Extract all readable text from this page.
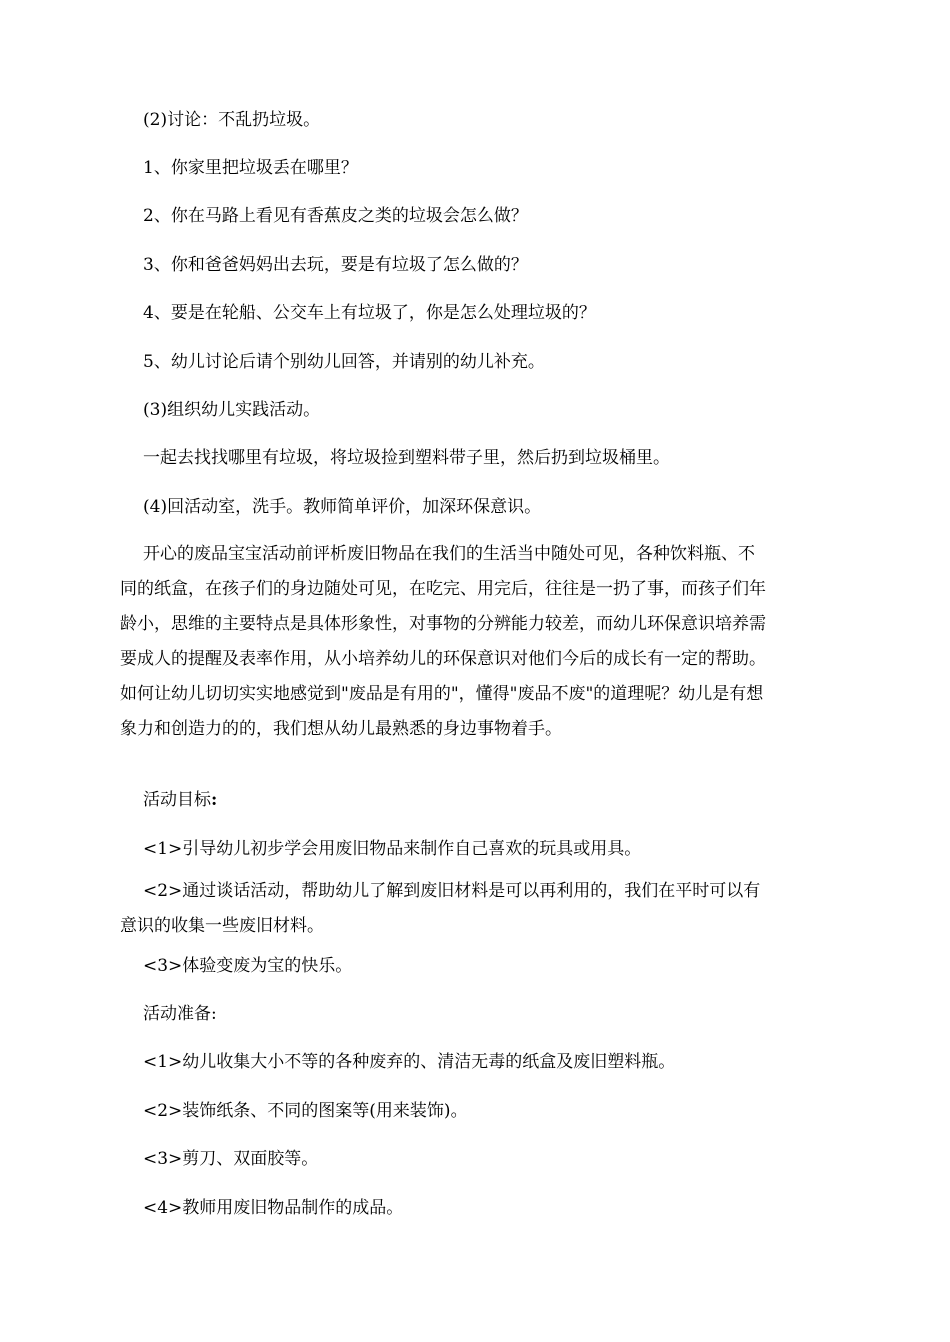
(2)讨论：不乱扔垃圾。

1、你家里把垃圾丢在哪里？

2、你在马路上看见有香蕉皮之类的垃圾会怎么做？

3、你和爸爸妈妈出去玩，要是有垃圾了怎么做的？

4、要是在轮船、公交车上有垃圾了，你是怎么处理垃圾的？

5、幼儿讨论后请个别幼儿回答，并请别的幼儿补充。

(3)组织幼儿实践活动。

一起去找找哪里有垃圾，将垃圾捡到塑料带子里，然后扔到垃圾桶里。

(4)回活动室，洗手。教师简单评价，加深环保意识。

开心的废品宝宝活动前评析废旧物品在我们的生活当中随处可见，各种饮料瓶、不
同的纸盒，在孩子们的身边随处可见，在吃完、用完后，往往是一扔了事，而孩子们年
龄小，思维的主要特点是具体形象性，对事物的分辨能力较差，而幼儿环保意识培养需
要成人的提醒及表率作用，从小培养幼儿的环保意识对他们今后的成长有一定的帮助。
如何让幼儿切切实实地感觉到"废品是有用的"，懂得"废品不废"的道理呢？幼儿是有想
象力和创造力的的，我们想从幼儿最熟悉的身边事物着手。

活动目标:

<1>引导幼儿初步学会用废旧物品来制作自己喜欢的玩具或用具。

<2>通过谈话活动，帮助幼儿了解到废旧材料是可以再利用的，我们在平时可以有
意识的收集一些废旧材料。

<3>体验变废为宝的快乐。

活动准备:

<1>幼儿收集大小不等的各种废弃的、清洁无毒的纸盒及废旧塑料瓶。

<2>装饰纸条、不同的图案等(用来装饰)。

<3>剪刀、双面胶等。

<4>教师用废旧物品制作的成品。
